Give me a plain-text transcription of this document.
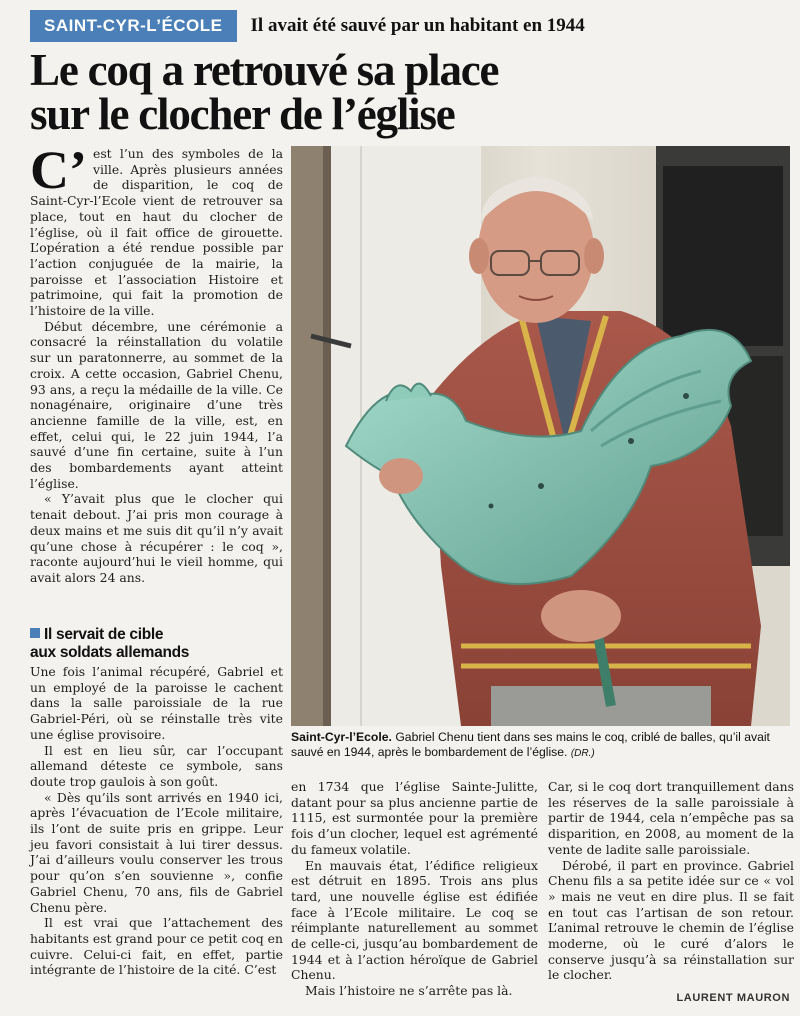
SAINT-CYR-L’ÉCOLE	Il avait été sauvé par un habitant en 1944
Le coq a retrouvé sa place
sur le clocher de l’église

C’ est l’un des symboles de la ville. Après plusieurs années de disparition, le coq de Saint-Cyr-l’Ecole vient de retrouver sa place, tout en haut du clocher de l’église, où il fait office de girouette. L’opération a été rendue possible par l’action conjuguée de la mairie, la paroisse et l’association Histoire et patrimoine, qui fait la promotion de l’histoire de la ville.

Début décembre, une cérémonie a consacré la réinstallation du volatile sur un paratonnerre, au sommet de la croix. A cette occasion, Gabriel Chenu, 93 ans, a reçu la médaille de la ville. Ce nonagénaire, originaire d’une très ancienne famille de la ville, est, en effet, celui qui, le 22 juin 1944, l’a sauvé d’une fin certaine, suite à l’un des bombardements ayant atteint l’église.

« Y’avait plus que le clocher qui tenait debout. J’ai pris mon courage à deux mains et me suis dit qu’il n’y avait qu’une chose à récupérer : le coq », raconte aujourd’hui le vieil homme, qui avait alors 24 ans.

Il servait de cible
aux soldats allemands

Une fois l’animal récupéré, Gabriel et un employé de la paroisse le cachent dans la salle paroissiale de la rue Gabriel-Péri, où se réinstalle très vite une église provisoire.

Il est en lieu sûr, car l’occupant allemand déteste ce symbole, sans doute trop gaulois à son goût.

« Dès qu’ils sont arrivés en 1940 ici, après l’évacuation de l’Ecole militaire, ils l’ont de suite pris en grippe. Leur jeu favori consistait à lui tirer dessus. J’ai d’ailleurs voulu conserver les trous pour qu’on s’en souvienne », confie Gabriel Chenu, 70 ans, fils de Gabriel Chenu père.

Il est vrai que l’attachement des habitants est grand pour ce petit coq en cuivre. Celui-ci fait, en effet, partie intégrante de l’histoire de la cité. C’est

Saint-Cyr-l’Ecole. Gabriel Chenu tient dans ses mains le coq, criblé de balles, qu’il avait sauvé en 1944, après le bombardement de l’église. (DR.)

en 1734 que l’église Sainte-Julitte, datant pour sa plus ancienne partie de 1115, est surmontée pour la première fois d’un clocher, lequel est agrémenté du fameux volatile.

En mauvais état, l’édifice religieux est détruit en 1895. Trois ans plus tard, une nouvelle église est édifiée face à l’Ecole militaire. Le coq se réimplante naturellement au sommet de celle-ci, jusqu’au bombardement de 1944 et à l’action héroïque de Gabriel Chenu.

Mais l’histoire ne s’arrête pas là.

Car, si le coq dort tranquillement dans les réserves de la salle paroissiale à partir de 1944, cela n’empêche pas sa disparition, en 2008, au moment de la vente de ladite salle paroissiale.

Dérobé, il part en province. Gabriel Chenu fils a sa petite idée sur ce « vol » mais ne veut en dire plus. Il se fait en tout cas l’artisan de son retour. L’animal retrouve le chemin de l’église moderne, où le curé d’alors le conserve jusqu’à sa réinstallation sur le clocher.

LAURENT MAURON
